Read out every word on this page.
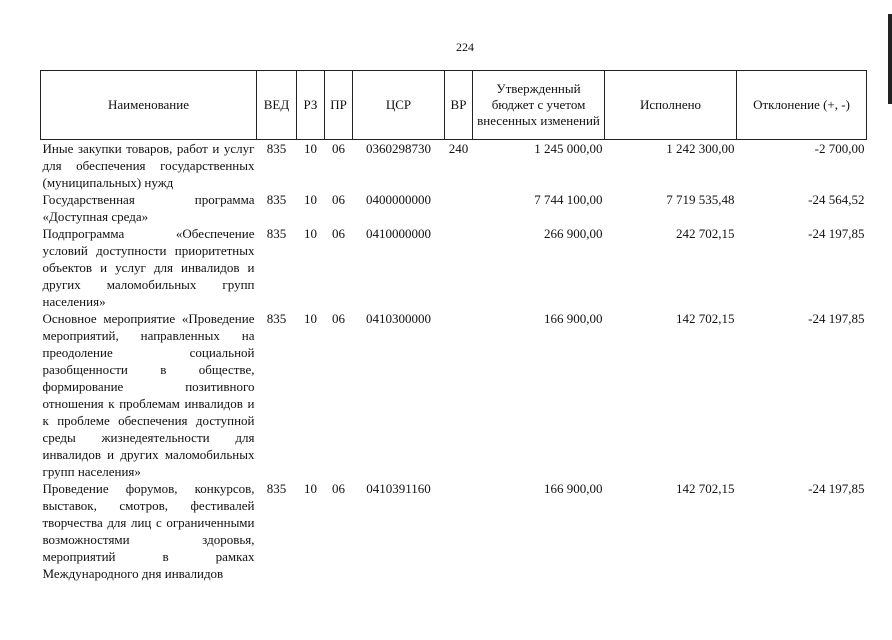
224
Наименование	ВЕД	РЗ	ПР	ЦСР	ВР	Утвержденный бюджет с учетом внесенных изменений	Исполнено	Отклонение (+, -)
Иные закупки товаров, работ и услуг для обеспечения государственных (муниципальных) нужд	835	10	06	0360298730	240	1 245 000,00	1 242 300,00	-2 700,00
Государственная программа «Доступная среда»	835	10	06	0400000000		7 744 100,00	7 719 535,48	-24 564,52
Подпрограмма «Обеспечение условий доступности приоритетных объектов и услуг для инвалидов и других маломобильных групп населения»	835	10	06	0410000000		266 900,00	242 702,15	-24 197,85
Основное мероприятие «Проведение мероприятий, направленных на преодоление социальной разобщенности в обществе, формирование позитивного отношения к проблемам инвалидов и к проблеме обеспечения доступной среды жизнедеятельности для инвалидов и других маломобильных групп населения»	835	10	06	0410300000		166 900,00	142 702,15	-24 197,85
Проведение форумов, конкурсов, выставок, смотров, фестивалей творчества для лиц с ограниченными возможностями здоровья, мероприятий в рамках Международного дня инвалидов	835	10	06	0410391160		166 900,00	142 702,15	-24 197,85
